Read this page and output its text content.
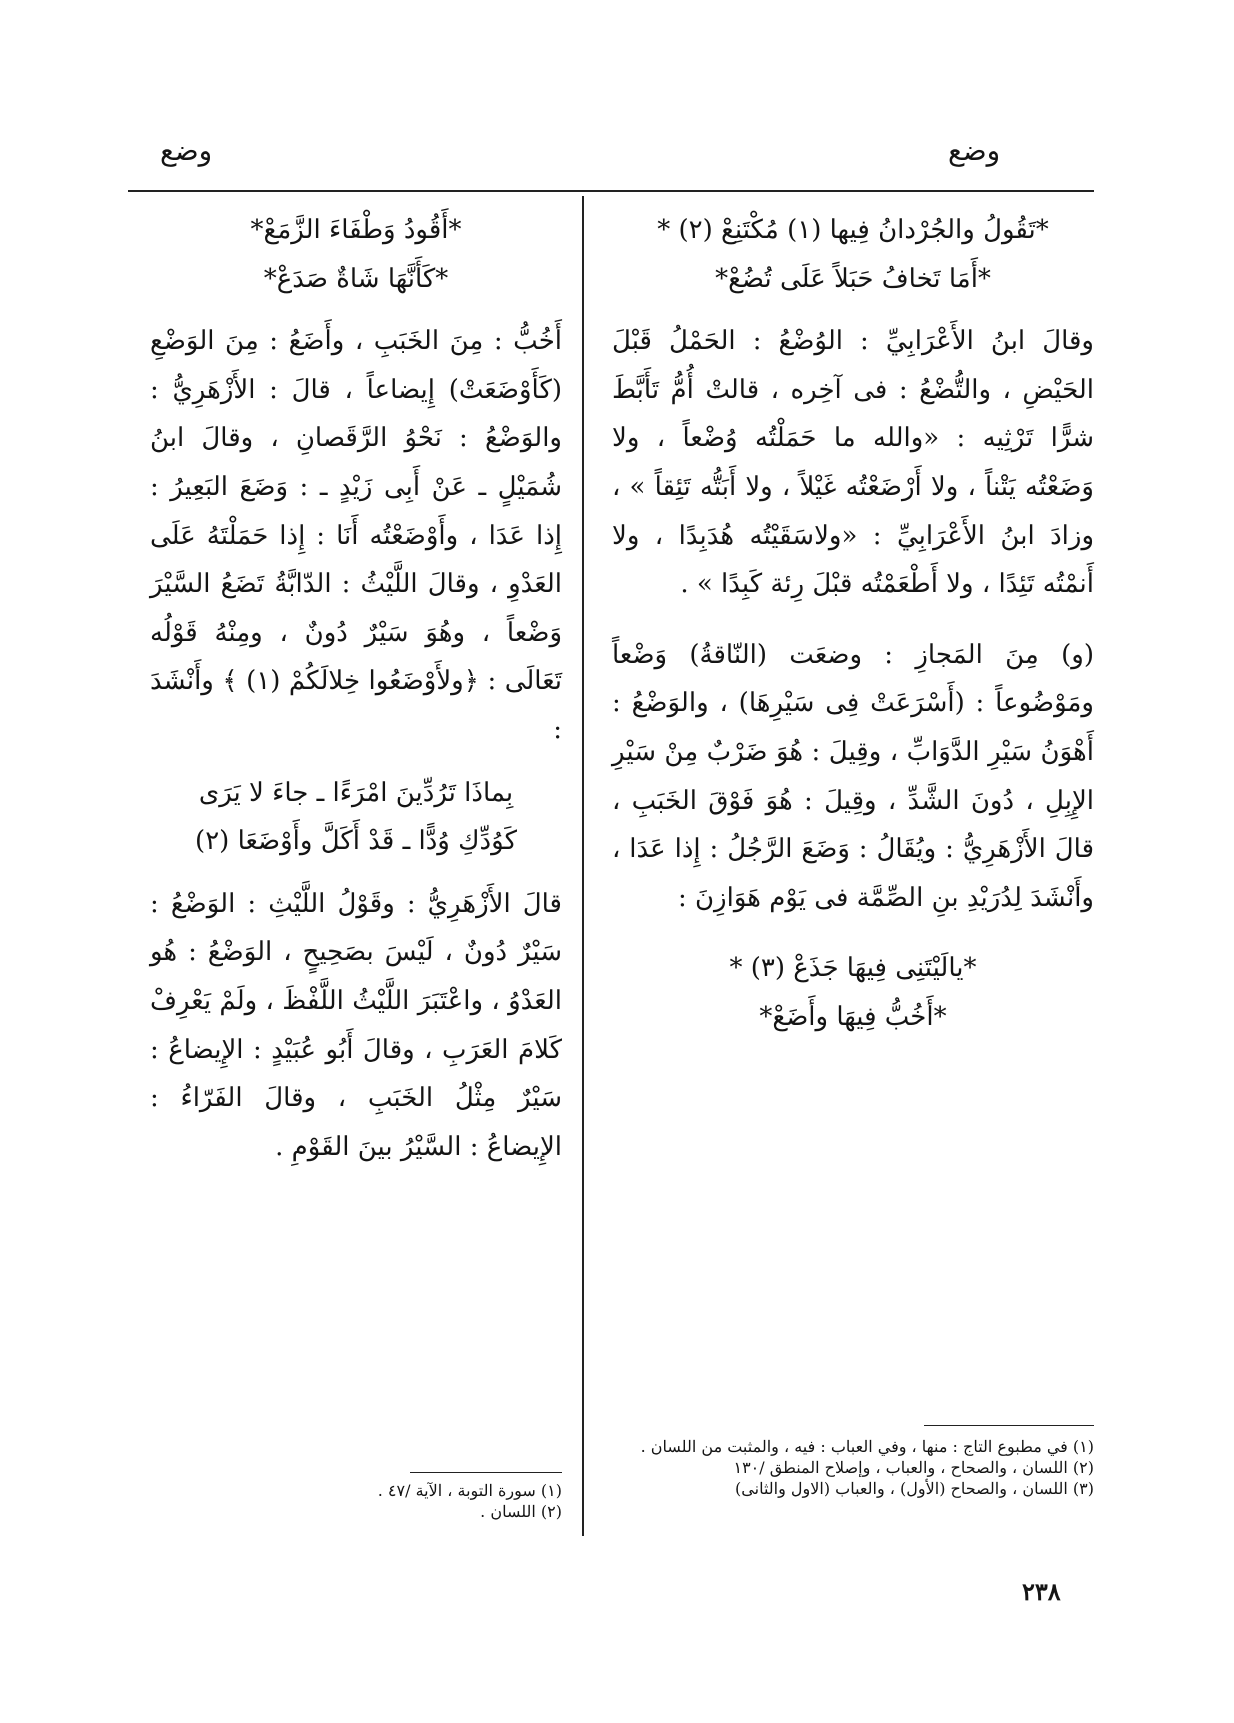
وضع
وضع

*تَقُولُ والجُرْدانُ فِيها (١) مُكْتَنِعْ (٢) *

*أَمَا تَخافُ حَبَلاً عَلَى تُضُعْ*

وقالَ ابنُ الأَعْرَابِيِّ : الوُضْعُ : الحَمْلُ قَبْلَ الحَيْضِ ، والتُّضْعُ : فى آخِره ، قالتْ أُمُّ تَأَبَّطَ شرًّا تَرْثِيه : «والله ما حَمَلْتُه وُضْعاً ، ولا وَضَعْتُه يَتْناً ، ولا أَرْضَعْتُه غَيْلاً ، ولا أَبَتُّه تَئِقاً » ، وزادَ ابنُ الأَعْرَابِيِّ : «ولاسَقَيْتُه هُدَبِدًا ، ولا أَنمْتُه تَئِدًا ، ولا أَطْعَمْتُه قبْلَ رِئة كَبِدًا » .

(و) مِنَ المَجازِ : وضعَت (النّاقةُ) وَضْعاً ومَوْضُوعاً : (أَسْرَعَتْ فِى سَيْرِهَا) ، والوَضْعُ : أَهْوَنُ سَيْرِ الدَّوَابِّ ، وقِيلَ : هُوَ ضَرْبٌ مِنْ سَيْرِ الإِبِلِ ، دُونَ الشَّدِّ ، وقِيلَ : هُوَ فَوْقَ الخَبَبِ ، قالَ الأَزْهَرِيُّ : ويُقَالُ : وَضَعَ الرَّجُلُ : إِذا عَدَا ، وأَنْشَدَ لِدُرَيْدِ بنِ الصِّمَّة فى يَوْم هَوَازِنَ :

*يالَيْتَنِى فِيهَا جَذَعْ (٣) *

*أَخُبُّ فِيهَا وأَضَعْ*

(١) في مطبوع التاج : منها ، وفي العباب : فيه ، والمثبت من اللسان .

(٢) اللسان ، والصحاح ، والعباب ، وإصلاح المنطق /١٣٠

(٣) اللسان ، والصحاح (الأول) ، والعباب (الاول والثانى)

*أَقُودُ وَطْفَاءَ الزَّمَعْ*

*كَأَنَّهَا شَاةٌ صَدَعْ*

أَخُبُّ : مِنَ الخَبَبِ ، وأَضَعُ : مِنَ الوَضْعِ (كَأَوْضَعَتْ) إِيضاعاً ، قالَ : الأَزْهَرِيُّ : والوَضْعُ : نَحْوُ الرَّقَصانِ ، وقالَ ابنُ شُمَيْلٍ ـ عَنْ أَبِى زَيْدٍ ـ : وَضَعَ البَعِيرُ : إِذا عَدَا ، وأَوْضَعْتُه أَنَا : إِذا حَمَلْتَهُ عَلَى العَدْوِ ، وقالَ اللَّيْثُ : الدّابَّةُ تَضَعُ السَّيْرَ وَضْعاً ، وهُوَ سَيْرٌ دُونٌ ، ومِنْهُ قَوْلُه تَعَالَى : ﴿ولأَوْضَعُوا خِلالَكُمْ (١) ﴾ وأَنْشَدَ :

بِماذَا تَرُدِّينَ امْرَءًا ـ جاءَ لا يَرَى

كَوُدِّكِ وُدًّا ـ قَدْ أَكَلَّ وأَوْضَعَا (٢)

قالَ الأَزْهَرِيُّ : وقَوْلُ اللَّيْثِ : الوَضْعُ : سَيْرٌ دُونٌ ، لَيْسَ بصَحِيحٍ ، الوَضْعُ : هُو العَدْوُ ، واعْتَبَرَ اللَّيْثُ اللَّفْظَ ، ولَمْ يَعْرِفْ كَلامَ العَرَبِ ، وقالَ أَبُو عُبَيْدٍ : الإِيضاعُ : سَيْرٌ مِثْلُ الخَبَبِ ، وقالَ الفَرّاءُ : الإِيضاعُ : السَّيْرُ بينَ القَوْمِ .

(١) سورة التوبة ، الآية /٤٧ .

(٢) اللسان .

٢٣٨
